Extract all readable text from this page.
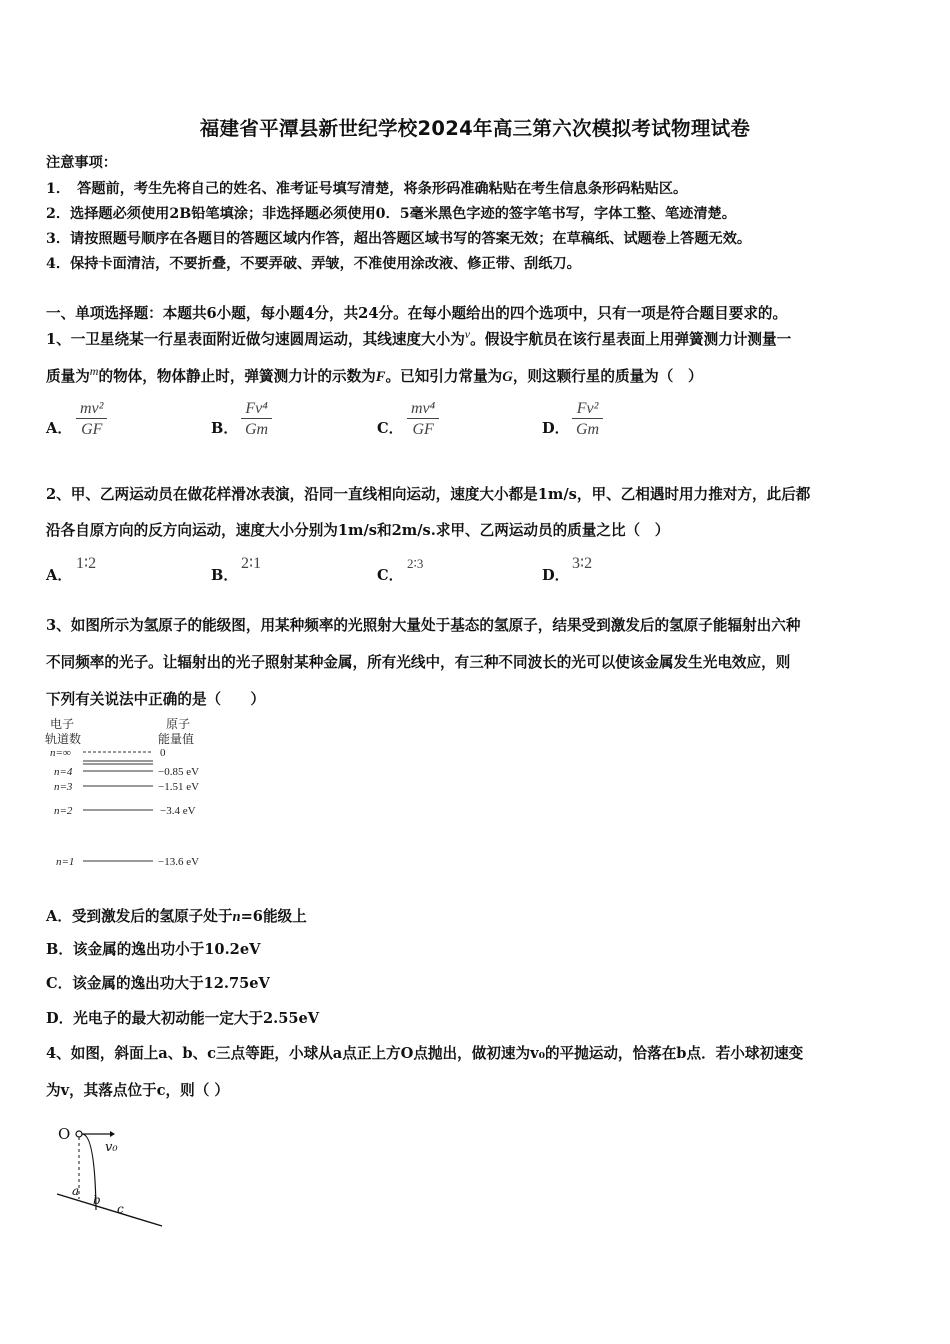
福建省平潭县新世纪学校2024年高三第六次模拟考试物理试卷
注意事项：
1．　答题前，考生先将自己的姓名、准考证号填写清楚，将条形码准确粘贴在考生信息条形码粘贴区。
2．选择题必须使用2B铅笔填涂；非选择题必须使用0．5毫米黑色字迹的签字笔书写，字体工整、笔迹清楚。
3．请按照题号顺序在各题目的答题区域内作答，超出答题区域书写的答案无效；在草稿纸、试题卷上答题无效。
4．保持卡面清洁，不要折叠，不要弄破、弄皱，不准使用涂改液、修正带、刮纸刀。
一、单项选择题：本题共6小题，每小题4分，共24分。在每小题给出的四个选项中，只有一项是符合题目要求的。
1、一卫星绕某一行星表面附近做匀速圆周运动，其线速度大小为$^v$。假设宇航员在该行星表面上用弹簧测力计测量一
质量为$^m$的物体，物体静止时，弹簧测力计的示数为F。已知引力常量为G，则这颗行星的质量为（　）
A． $\frac{\text{mv²}}{GF}$	B． $\frac{\text{Fv⁴}}{Gm}$	C． $\frac{\text{mv⁴}}{GF}$	D． $\frac{\text{Fv²}}{Gm}$
2、甲、乙两运动员在做花样滑冰表演，沿同一直线相向运动，速度大小都是1m/s，甲、乙相遇时用力推对方，此后都
沿各自原方向的反方向运动，速度大小分别为1m/s和2m/s.求甲、乙两运动员的质量之比（　）
A．
1∶2
B．
2∶1
C．
2∶3
D．
3∶2
3、如图所示为氢原子的能级图，用某种频率的光照射大量处于基态的氢原子，结果受到激发后的氢原子能辐射出六种
不同频率的光子。让辐射出的光子照射某种金属，所有光线中，有三种不同波长的光可以使该金属发生光电效应，则
下列有关说法中正确的是（　　）
电子
轨道数
原子
能量值
n=∞	0
n=4	−0.85 eV
n=3	−1.51 eV
n=2	−3.4 eV
n=1	−13.6 eV
A．受到激发后的氢原子处于n=6能级上
B．该金属的逸出功小于10.2eV
C．该金属的逸出功大于12.75eV
D．光电子的最大初动能一定大于2.55eV
4、如图，斜面上a、b、c三点等距，小球从a点正上方O点抛出，做初速为v₀的平抛运动，恰落在b点．若小球初速变
为v，其落点位于c，则（ ）
O
v₀
a
b
c
